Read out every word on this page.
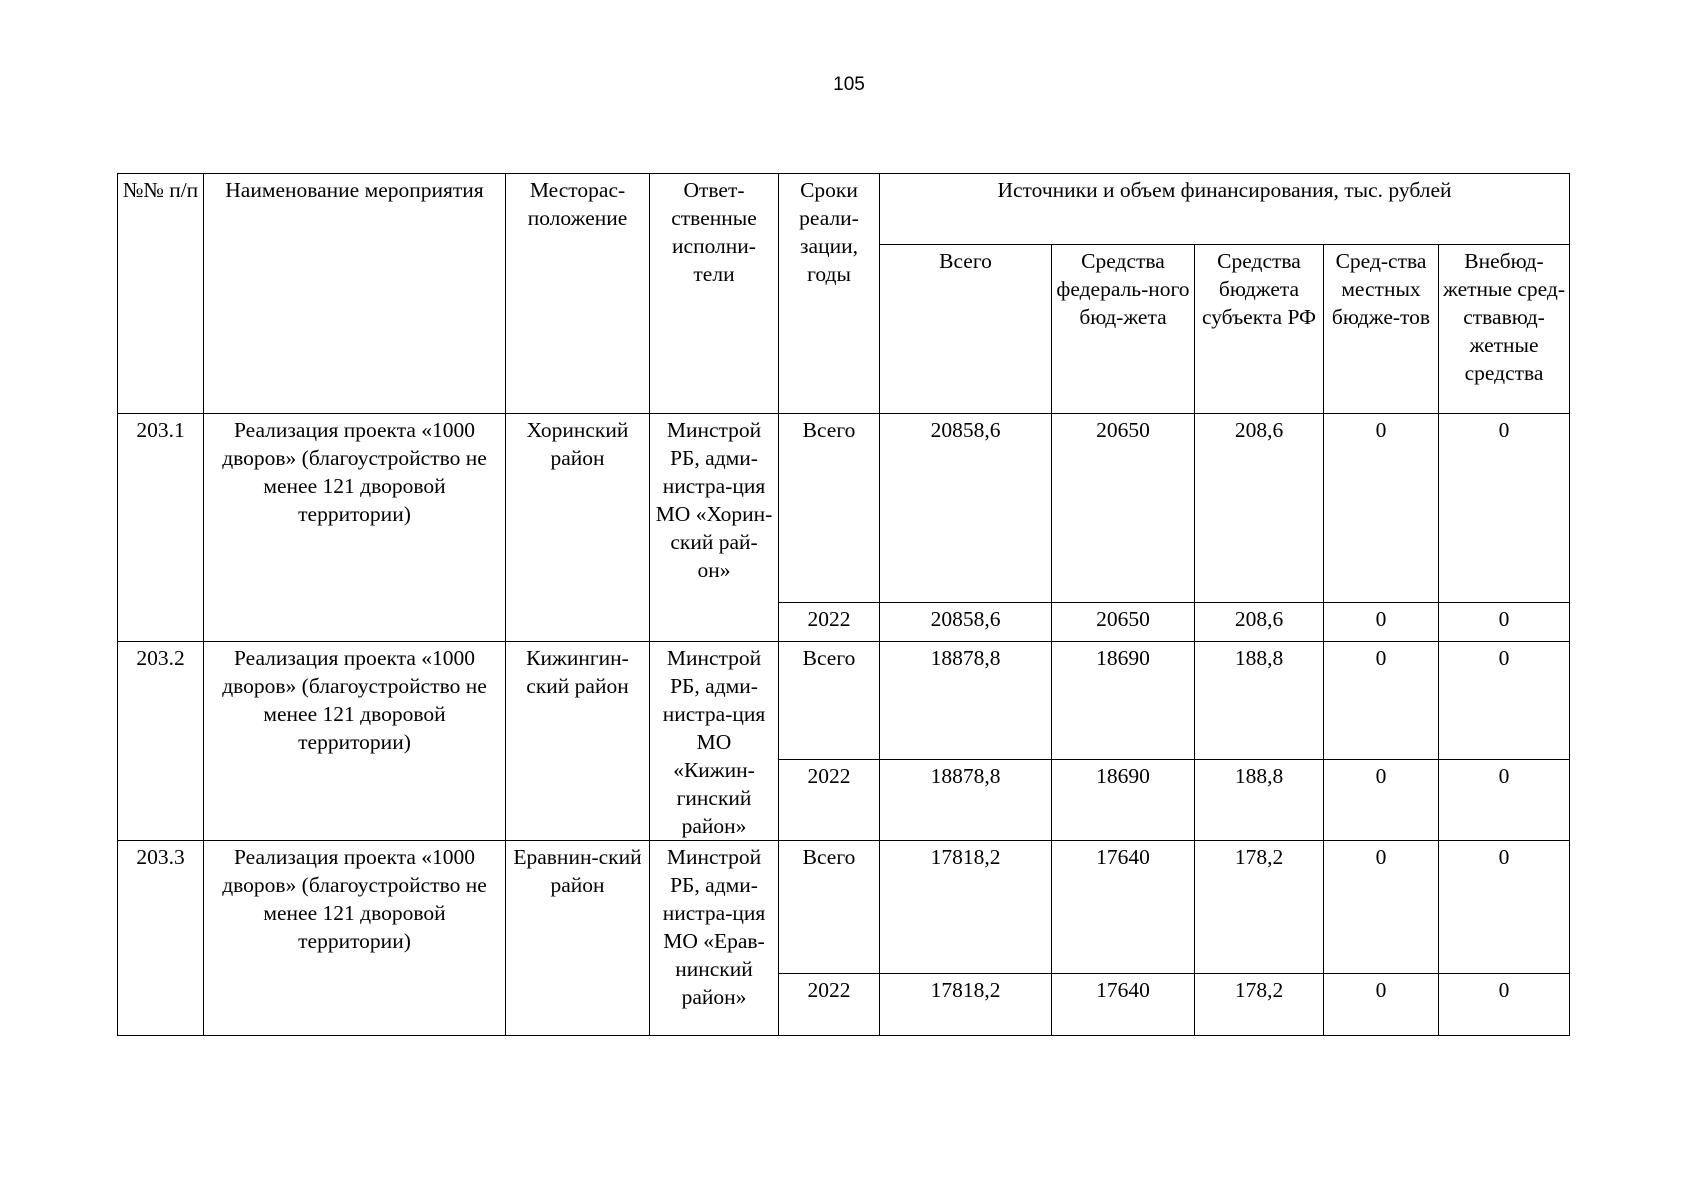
105
№№ п/п	Наименование мероприятия	Местораc-положение	Ответ-ственные исполни-тели	Сроки реали-зации, годы	Источники и объем финансирования, тыс. рублей				
					Всего	Средства федераль-ного бюд-жета	Средства бюджета субъекта РФ	Сред-ства местных бюдже-тов	Внебюд-жетные сред-ствавюд-жетные средства
203.1	Реализация проекта «1000 дворов» (благоустройство не менее 121 дворовой территории)	Хоринский район	Минстрой РБ, адми-нистра-ция МО «Хорин-ский рай-он»	Всего	20858,6	20650	208,6	0	0
				2022	20858,6	20650	208,6	0	0
203.2	Реализация проекта «1000 дворов» (благоустройство не менее 121 дворовой территории)	Кижингин-ский район	Минстрой РБ, адми-нистра-ция МО «Кижин-гинский район»	Всего	18878,8	18690	188,8	0	0
				2022	18878,8	18690	188,8	0	0
203.3	Реализация проекта «1000 дворов» (благоустройство не менее 121 дворовой территории)	Еравнин-ский район	Минстрой РБ, адми-нистра-ция МО «Ерав-нинский район»	Всего	17818,2	17640	178,2	0	0
				2022	17818,2	17640	178,2	0	0
